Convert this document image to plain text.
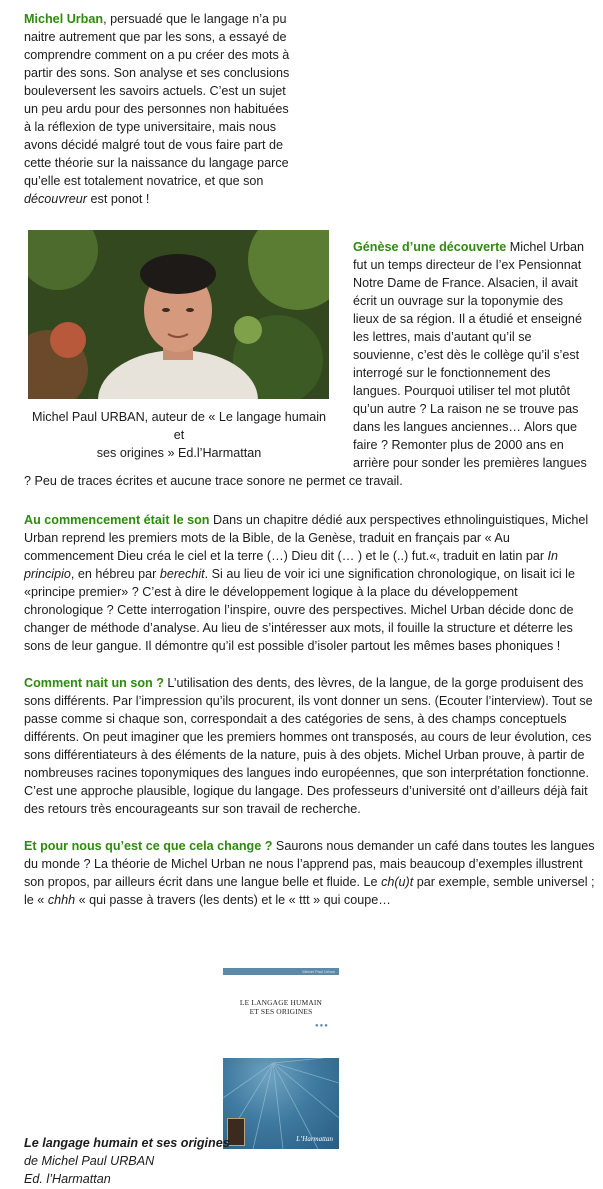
Michel Urban, persuadé que le langage n’a pu
naitre autrement que par les sons, a essayé de
comprendre comment on a pu créer des mots à
partir des sons. Son analyse et ses conclusions
bouleversent les savoirs actuels. C’est un sujet
un peu ardu pour des personnes non habituées
à la réflexion de type universitaire, mais nous
avons décidé malgré tout de vous faire part de
cette théorie sur la naissance du langage parce
qu’elle est totalement novatrice, et que son
découvreur est ponot !
Michel Paul URBAN, auteur de « Le langage humain et
ses origines » Ed.l’Harmattan
Génèse d’une découverte Michel Urban
fut un temps directeur de l’ex Pensionnat
Notre Dame de France. Alsacien, il avait
écrit un ouvrage sur la toponymie des
lieux de sa région. Il a étudié et enseigné
les lettres, mais d’autant qu’il se
souvienne, c’est dès le collège qu’il s’est
interrogé sur le fonctionnement des
langues. Pourquoi utiliser tel mot plutôt
qu’un autre ? La raison ne se trouve pas
dans les langues anciennes… Alors que
faire ? Remonter plus de 2000 ans en
arrière pour sonder les premières langues
? Peu de traces écrites et aucune trace sonore ne permet ce travail.
Au commencement était le son Dans un chapitre dédié aux perspectives ethnolinguistiques, Michel
Urban reprend les premiers mots de la Bible, de la Genèse, traduit en français par « Au
commencement Dieu créa le ciel et la terre (…) Dieu dit (… ) et le (..) fut.«, traduit en latin par In
principio, en hébreu par berechit. Si au lieu de voir ici une signification chronologique, on lisait ici le
«principe premier» ? C’est à dire le développement logique à la place du développement
chronologique ? Cette interrogation l’inspire, ouvre des perspectives. Michel Urban décide donc de
changer de méthode d’analyse. Au lieu de s’intéresser aux mots, il fouille la structure et déterre les
sons de leur gangue. Il démontre qu’il est possible d’isoler partout les mêmes bases phoniques !
Comment nait un son ? L’utilisation des dents, des lèvres, de la langue, de la gorge produisent des
sons différents. Par l’impression qu’ils procurent, ils vont donner un sens. (Ecouter l’interview). Tout se
passe comme si chaque son, correspondait a des catégories de sens, à des champs conceptuels
différents. On peut imaginer que les premiers hommes ont transposés, au cours de leur évolution, ces
sons différentiateurs à des éléments de la nature, puis à des objets. Michel Urban prouve, à partir de
nombreuses racines toponymiques des langues indo européennes, que son interprétation fonctionne.
C’est une approche plausible, logique du langage. Des professeurs d’université ont d’ailleurs déjà fait
des retours très encourageants sur son travail de recherche.
Et pour nous qu’est ce que cela change ? Saurons nous demander un café dans toutes les langues
du monde ? La théorie de Michel Urban ne nous l’apprend pas, mais beaucoup d’exemples illustrent
son propos, par ailleurs écrit dans une langue belle et fluide. Le ch(u)t par exemple, semble universel ;
le « chhh « qui passe à travers (les dents) et le « ttt » qui coupe…
Michel Paul Urban
LE LANGAGE HUMAIN
ET SES ORIGINES
●●●
L’Harmattan
Le langage humain et ses origines
de Michel Paul URBAN
Ed. l’Harmattan
